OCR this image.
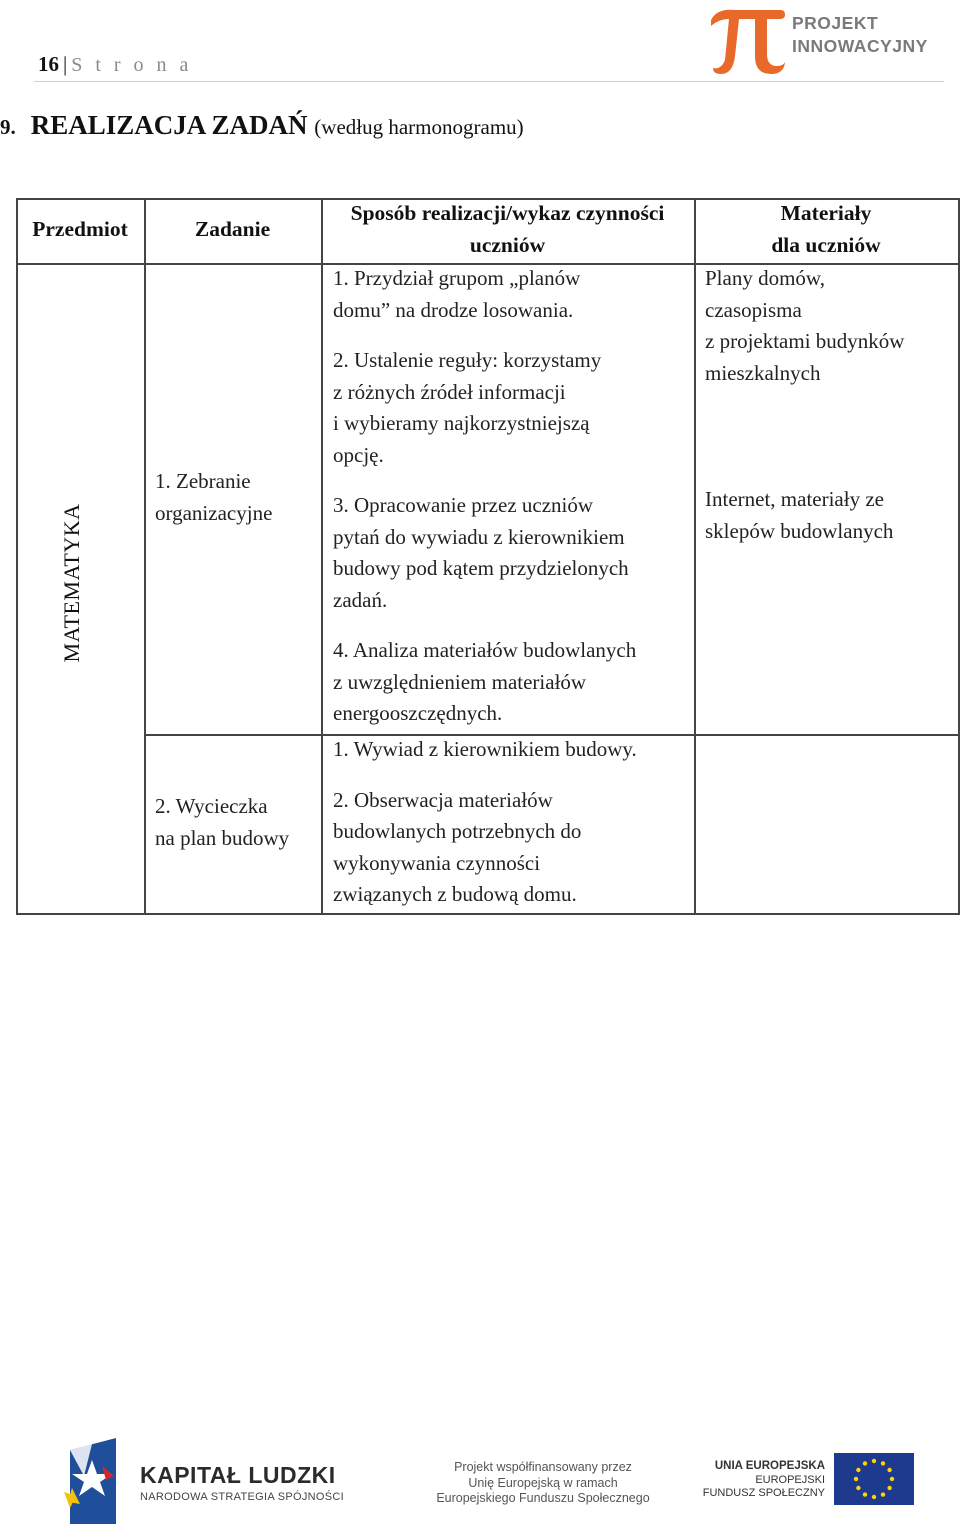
16 | S t r o n a
PROJEKT
INNOWACYJNY
9. REALIZACJA ZADAŃ (według harmonogramu)
Przedmiot	Zadanie
Sposób realizacji/wykaz czynności
uczniów
Materiały
dla uczniów
MATEMATYKA
1. Zebranie
organizacyjne
1. Przydział grupom „planów
domu” na drodze losowania.
2. Ustalenie reguły: korzystamy
z różnych źródeł informacji
i wybieramy najkorzystniejszą
opcję.
3. Opracowanie przez uczniów
pytań do wywiadu z kierownikiem
budowy pod kątem przydzielonych
zadań.
4. Analiza materiałów budowlanych
z uwzględnieniem materiałów
energooszczędnych.
Plany domów,
czasopisma
z projektami budynków
mieszkalnych
Internet, materiały ze
sklepów budowlanych
2. Wycieczka
na plan budowy
1. Wywiad z kierownikiem budowy.
2. Obserwacja materiałów
budowlanych potrzebnych do
wykonywania czynności
związanych z budową domu.
KAPITAŁ LUDZKI
NARODOWA STRATEGIA SPÓJNOŚCI
Projekt współfinansowany przez
Unię Europejską w ramach
Europejskiego Funduszu Społecznego
UNIA EUROPEJSKA
EUROPEJSKI
FUNDUSZ SPOŁECZNY
